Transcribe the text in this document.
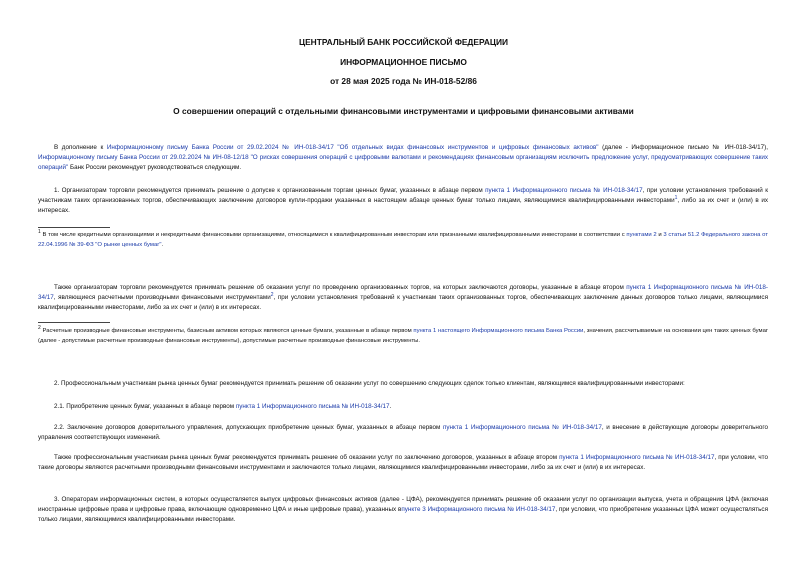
ЦЕНТРАЛЬНЫЙ БАНК РОССИЙСКОЙ ФЕДЕРАЦИИ
ИНФОРМАЦИОННОЕ ПИСЬМО
от 28 мая 2025 года № ИН-018-52/86
О совершении операций с отдельными финансовыми инструментами и цифровыми финансовыми активами
В дополнение к Информационному письму Банка России от 29.02.2024 № ИН-018-34/17 "Об отдельных видах финансовых инструментов и цифровых финансовых активов" (далее - Информационное письмо № ИН-018-34/17), Информационному письму Банка России от 29.02.2024 № ИН-08-12/18 "О рисках совершения операций с цифровыми валютами и рекомендациях финансовым организациям исключить предложение услуг, предусматривающих совершение таких операций" Банк России рекомендует руководствоваться следующим.
1. Организаторам торговли рекомендуется принимать решение о допуске к организованным торгам ценных бумаг, указанных в абзаце первом пункта 1 Информационного письма № ИН-018-34/17, при условии установления требований к участникам таких организованных торгов, обеспечивающих заключение договоров купли-продажи указанных в настоящем абзаце ценных бумаг только лицами, являющимися квалифицированными инвесторами$^1$, либо за их счет и (или) в их интересах.
$^1$ В том числе кредитными организациями и некредитными финансовыми организациями, относящимися к квалифицированным инвесторам или признанными квалифицированными инвесторами в соответствии с пунктами 2 и 3 статьи 51.2 Федерального закона от 22.04.1996 № 39-ФЗ "О рынке ценных бумаг".
Также организаторам торговли рекомендуется принимать решение об оказании услуг по проведению организованных торгов, на которых заключаются договоры, указанные в абзаце втором пункта 1 Информационного письма № ИН-018-34/17, являющиеся расчетными производными финансовыми инструментами$^2$, при условии установления требований к участникам таких организованных торгов, обеспечивающих заключение данных договоров только лицами, являющимися квалифицированными инвесторами, либо за их счет и (или) в их интересах.
$^2$ Расчетные производные финансовые инструменты, базисным активом которых являются ценные бумаги, указанные в абзаце первом пункта 1 настоящего Информационного письма Банка России, значения, рассчитываемые на основании цен таких ценных бумаг (далее - допустимые расчетные производные финансовые инструменты), допустимые расчетные производные финансовые инструменты.
2. Профессиональным участникам рынка ценных бумаг рекомендуется принимать решение об оказании услуг по совершению следующих сделок только клиентам, являющимся квалифицированными инвесторами:
2.1. Приобретение ценных бумаг, указанных в абзаце первом пункта 1 Информационного письма № ИН-018-34/17.
2.2. Заключение договоров доверительного управления, допускающих приобретение ценных бумаг, указанных в абзаце первом пункта 1 Информационного письма № ИН-018-34/17, и внесение в действующие договоры доверительного управления соответствующих изменений.
Также профессиональным участникам рынка ценных бумаг рекомендуется принимать решение об оказании услуг по заключению договоров, указанных в абзаце втором пункта 1 Информационного письма № ИН-018-34/17, при условии, что такие договоры являются расчетными производными финансовыми инструментами и заключаются только лицами, являющимися квалифицированными инвесторами, либо за их счет и (или) в их интересах.
3. Операторам информационных систем, в которых осуществляется выпуск цифровых финансовых активов (далее - ЦФА), рекомендуется принимать решение об оказании услуг по организации выпуска, учета и обращения ЦФА (включая иностранные цифровые права и цифровые права, включающие одновременно ЦФА и иные цифровые права), указанных впункте 3 Информационного письма № ИН-018-34/17, при условии, что приобретение указанных ЦФА может осуществляться только лицами, являющимися квалифицированными инвесторами.
